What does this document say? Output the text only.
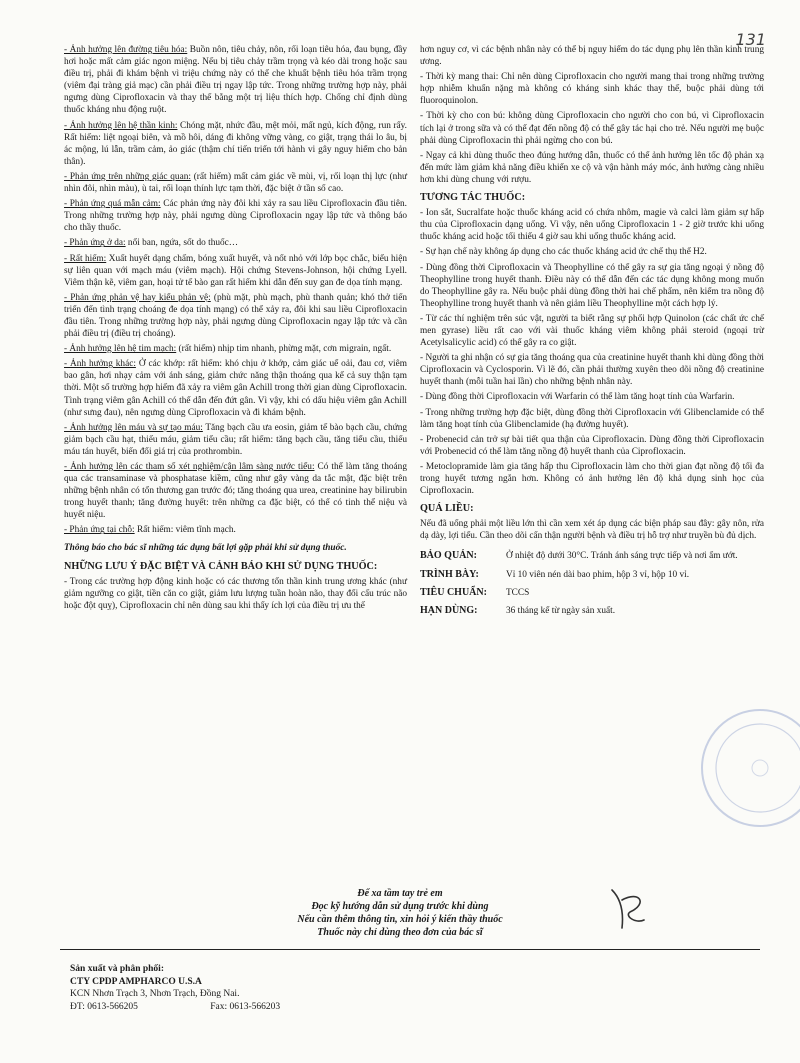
131

- Ảnh hưởng lên đường tiêu hóa: Buồn nôn, tiêu chảy, nôn, rối loạn tiêu hóa, đau bụng, đầy hơi hoặc mất cảm giác ngon miệng. Nếu bị tiêu chảy trầm trọng và kéo dài trong hoặc sau điều trị, phải đi khám bệnh vì triệu chứng này có thể che khuất bệnh tiêu hóa trầm trọng (viêm đại tràng giả mạc) cần phải điều trị ngay lập tức. Trong những trường hợp này, phải ngưng dùng Ciprofloxacin và thay thế bằng một trị liệu thích hợp. Chống chỉ định dùng thuốc kháng nhu động ruột.

- Ảnh hưởng lên hệ thần kinh: Chóng mặt, nhức đầu, mệt mỏi, mất ngủ, kích động, run rẩy. Rất hiếm: liệt ngoại biên, và mồ hôi, dáng đi không vững vàng, co giật, trạng thái lo âu, bị ác mộng, lú lẫn, trầm cảm, ảo giác (thậm chí tiến triển tới hành vi gây nguy hiểm cho bản thân).

- Phản ứng trên những giác quan: (rất hiếm) mất cảm giác về mùi, vị, rối loạn thị lực (như nhìn đôi, nhìn màu), ù tai, rối loạn thính lực tạm thời, đặc biệt ở tần số cao.

- Phản ứng quá mẫn cảm: Các phản ứng này đôi khi xảy ra sau liều Ciprofloxacin đầu tiên. Trong những trường hợp này, phải ngưng dùng Ciprofloxacin ngay lập tức và thông báo cho thầy thuốc.

- Phản ứng ở da: nổi ban, ngứa, sốt do thuốc…

- Rất hiếm: Xuất huyết dạng chấm, bóng xuất huyết, và nốt nhỏ với lớp bọc chắc, biểu hiện sự liên quan với mạch máu (viêm mạch). Hội chứng Stevens-Johnson, hội chứng Lyell. Viêm thận kẽ, viêm gan, hoại tử tế bào gan rất hiếm khi dẫn đến suy gan đe dọa tính mạng.

- Phản ứng phản vệ hay kiểu phản vệ: (phù mặt, phù mạch, phù thanh quản; khó thở tiến triển đến tình trạng choáng đe dọa tính mạng) có thể xảy ra, đôi khi sau liều Ciprofloxacin đầu tiên. Trong những trường hợp này, phải ngưng dùng Ciprofloxacin ngay lập tức và cần phải điều trị (điều trị choáng).

- Ảnh hưởng lên hệ tim mạch: (rất hiếm) nhịp tim nhanh, phừng mặt, cơn migrain, ngất.

- Ảnh hưởng khác: Ở các khớp: rất hiếm: khó chịu ở khớp, cảm giác uể oải, đau cơ, viêm bao gân, hơi nhạy cảm với ánh sáng, giảm chức năng thận thoáng qua kể cả suy thận tạm thời. Một số trường hợp hiếm đã xảy ra viêm gân Achill trong thời gian dùng Ciprofloxacin. Tình trạng viêm gân Achill có thể dẫn đến đứt gân. Vì vậy, khi có dấu hiệu viêm gân Achill (như sưng đau), nên ngưng dùng Ciprofloxacin và đi khám bệnh.

- Ảnh hưởng lên máu và sự tạo máu: Tăng bạch cầu ưa eosin, giảm tế bào bạch cầu, chứng giảm bạch cầu hạt, thiếu máu, giảm tiểu cầu; rất hiếm: tăng bạch cầu, tăng tiểu cầu, thiếu máu tán huyết, biến đổi giá trị của prothrombin.

- Ảnh hưởng lên các tham số xét nghiệm/cận lâm sàng nước tiểu: Có thể làm tăng thoáng qua các transaminase và phosphatase kiềm, cũng như gây vàng da tắc mật, đặc biệt trên những bệnh nhân có tổn thương gan trước đó; tăng thoáng qua urea, creatinine hay bilirubin trong huyết thanh; tăng đường huyết: trên những ca đặc biệt, có thể có tinh thể niệu và huyết niệu.

- Phản ứng tại chỗ: Rất hiếm: viêm tĩnh mạch.

Thông báo cho bác sĩ những tác dụng bất lợi gặp phải khi sử dụng thuốc.

NHỮNG LƯU Ý ĐẶC BIỆT VÀ CẢNH BÁO KHI SỬ DỤNG THUỐC:

- Trong các trường hợp động kinh hoặc có các thương tổn thần kinh trung ương khác (như giảm ngưỡng co giật, tiền căn co giật, giảm lưu lượng tuần hoàn não, thay đổi cấu trúc não hoặc đột quỵ), Ciprofloxacin chỉ nên dùng sau khi thấy ích lợi của điều trị ưu thế

hơn nguy cơ, vì các bệnh nhân này có thể bị nguy hiểm do tác dụng phụ lên thần kinh trung ương.

- Thời kỳ mang thai: Chỉ nên dùng Ciprofloxacin cho người mang thai trong những trường hợp nhiễm khuẩn nặng mà không có kháng sinh khác thay thế, buộc phải dùng tới fluoroquinolon.

- Thời kỳ cho con bú: không dùng Ciprofloxacin cho người cho con bú, vì Ciprofloxacin tích lại ở trong sữa và có thể đạt đến nồng độ có thể gây tác hại cho trẻ. Nếu người mẹ buộc phải dùng Ciprofloxacin thì phải ngừng cho con bú.

- Ngay cả khi dùng thuốc theo đúng hướng dẫn, thuốc có thể ảnh hưởng lên tốc độ phản xạ đến mức làm giảm khả năng điều khiển xe cộ và vận hành máy móc, ảnh hưởng càng nhiều hơn khi dùng chung với rượu.

TƯƠNG TÁC THUỐC:

- Ion sắt, Sucralfate hoặc thuốc kháng acid có chứa nhôm, magie và calci làm giảm sự hấp thu của Ciprofloxacin dạng uống. Vì vậy, nên uống Ciprofloxacin 1 - 2 giờ trước khi uống thuốc kháng acid hoặc tối thiểu 4 giờ sau khi uống thuốc kháng acid.

- Sự hạn chế này không áp dụng cho các thuốc kháng acid ức chế thụ thể H2.

- Dùng đồng thời Ciprofloxacin và Theophylline có thể gây ra sự gia tăng ngoại ý nồng độ Theophylline trong huyết thanh. Điều này có thể dẫn đến các tác dụng không mong muốn do Theophylline gây ra. Nếu buộc phải dùng đồng thời hai chế phẩm, nên kiểm tra nồng độ Theophylline trong huyết thanh và nên giảm liều Theophylline một cách hợp lý.

- Từ các thí nghiệm trên súc vật, người ta biết rằng sự phối hợp Quinolon (các chất ức chế men gyrase) liều rất cao với vài thuốc kháng viêm không phải steroid (ngoại trừ Acetylsalicylic acid) có thể gây ra co giật.

- Người ta ghi nhận có sự gia tăng thoáng qua của creatinine huyết thanh khi dùng đồng thời Ciprofloxacin và Cyclosporin. Vì lẽ đó, cần phải thường xuyên theo dõi nồng độ creatinine huyết thanh (mỗi tuần hai lần) cho những bệnh nhân này.

- Dùng đồng thời Ciprofloxacin với Warfarin có thể làm tăng hoạt tính của Warfarin.

- Trong những trường hợp đặc biệt, dùng đồng thời Ciprofloxacin với Glibenclamide có thể làm tăng hoạt tính của Glibenclamide (hạ đường huyết).

- Probenecid cản trở sự bài tiết qua thận của Ciprofloxacin. Dùng đồng thời Ciprofloxacin với Probenecid có thể làm tăng nồng độ huyết thanh của Ciprofloxacin.

- Metoclopramide làm gia tăng hấp thu Ciprofloxacin làm cho thời gian đạt nồng độ tối đa trong huyết tương ngắn hơn. Không có ảnh hưởng lên độ khả dụng sinh học của Ciprofloxacin.

QUÁ LIỀU:

Nếu đã uống phải một liều lớn thì cần xem xét áp dụng các biện pháp sau đây: gây nôn, rửa dạ dày, lợi tiểu. Cần theo dõi cẩn thận người bệnh và điều trị hỗ trợ như truyền bù đủ dịch.

BẢO QUẢN:	Ở nhiệt độ dưới 30°C. Tránh ánh sáng trực tiếp và nơi ẩm ướt.
TRÌNH BÀY:	Vỉ 10 viên nén dài bao phim, hộp 3 vỉ, hộp 10 vỉ.
TIÊU CHUẨN:	TCCS
HẠN DÙNG:	36 tháng kể từ ngày sản xuất.
Để xa tầm tay trẻ em
Đọc kỹ hướng dẫn sử dụng trước khi dùng
Nếu cần thêm thông tin, xin hỏi ý kiến thầy thuốc
Thuốc này chỉ dùng theo đơn của bác sĩ
Sản xuất và phân phối:
CTY CPDP AMPHARCO U.S.A
KCN Nhơn Trạch 3, Nhơn Trạch, Đồng Nai.
ĐT: 0613-566205	Fax: 0613-566203
